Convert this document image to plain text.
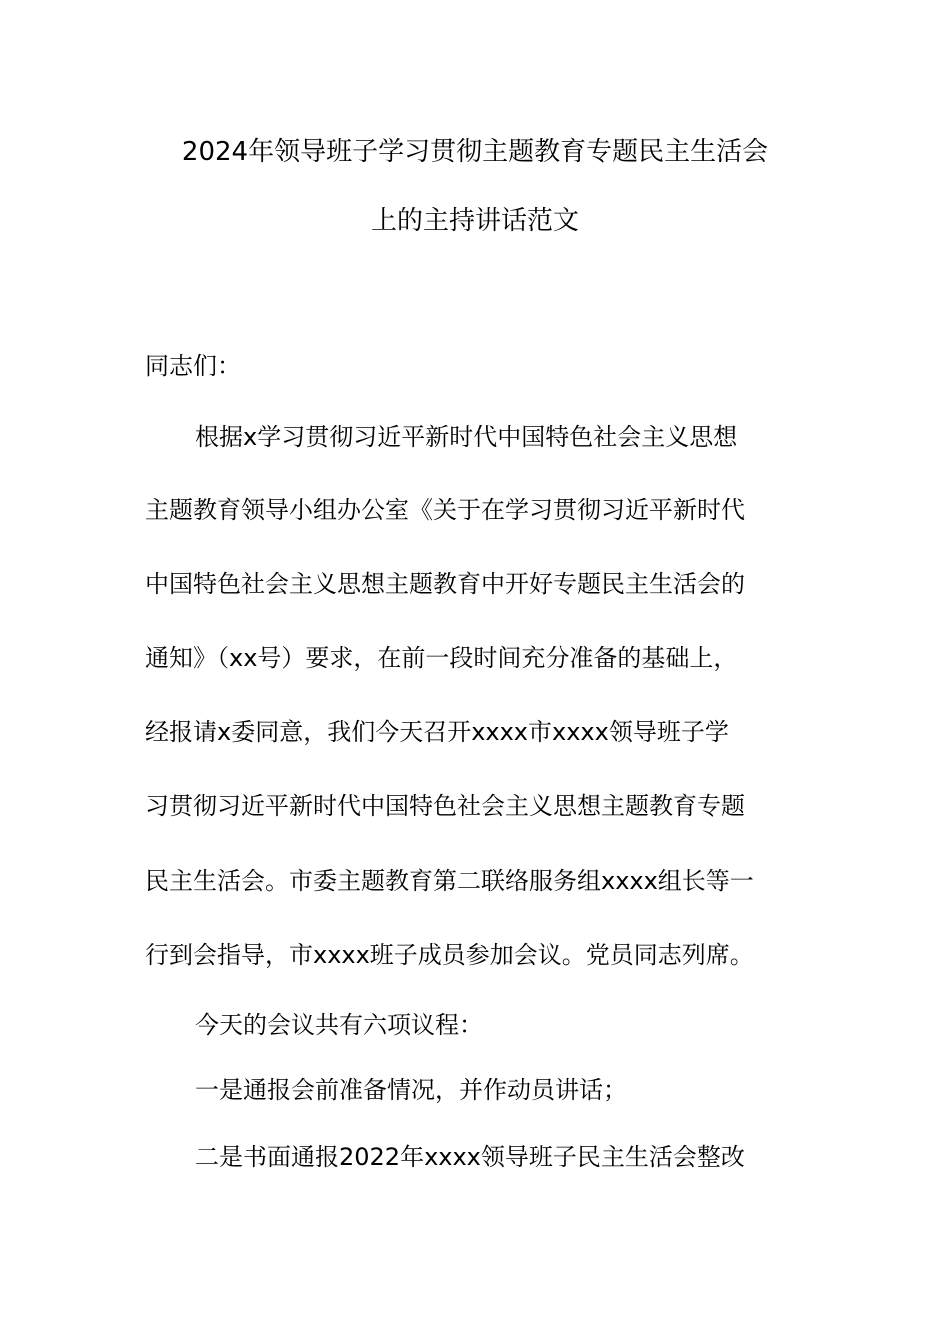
2024年领导班子学习贯彻主题教育专题民主生活会
上的主持讲话范文
同志们：
根据x学习贯彻习近平新时代中国特色社会主义思想
主题教育领导小组办公室《关于在学习贯彻习近平新时代
中国特色社会主义思想主题教育中开好专题民主生活会的
通知》（xx号）要求，在前一段时间充分准备的基础上，
经报请x委同意，我们今天召开xxxx市xxxx领导班子学
习贯彻习近平新时代中国特色社会主义思想主题教育专题
民主生活会。市委主题教育第二联络服务组xxxx组长等一
行到会指导，市xxxx班子成员参加会议。党员同志列席。
今天的会议共有六项议程：
一是通报会前准备情况，并作动员讲话；
二是书面通报2022年xxxx领导班子民主生活会整改
